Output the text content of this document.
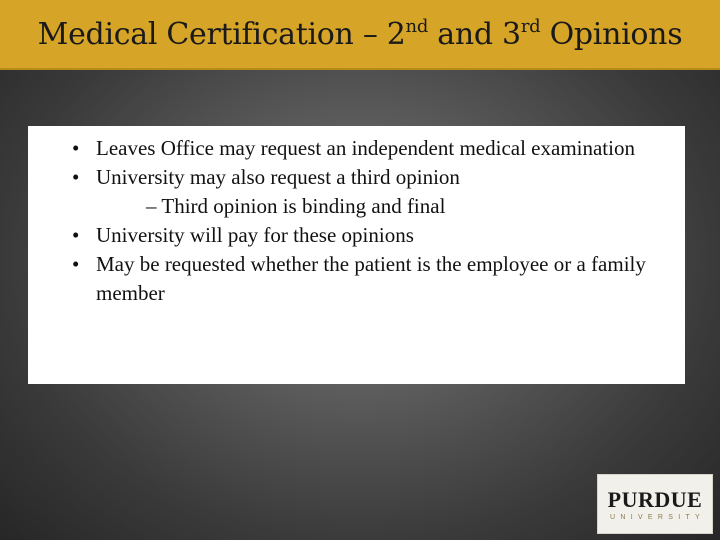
Medical Certification – 2nd and 3rd Opinions
• Leaves Office may request an independent medical examination
• University may also request a third opinion
– Third opinion is binding and final
• University will pay for these opinions
• May be requested whether the patient is the employee or a family member
PURDUE
UNIVERSITY
